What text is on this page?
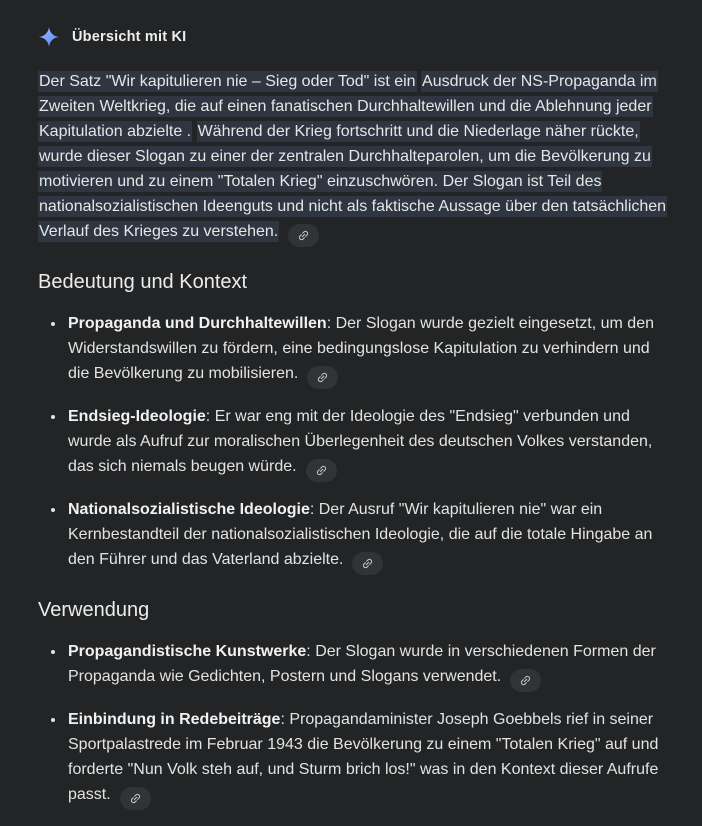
Übersicht mit KI
Der Satz "Wir kapitulieren nie – Sieg oder Tod" ist ein Ausdruck der NS-Propaganda im Zweiten Weltkrieg, die auf einen fanatischen Durchhaltewillen und die Ablehnung jeder Kapitulation abzielte . Während der Krieg fortschritt und die Niederlage näher rückte, wurde dieser Slogan zu einer der zentralen Durchhalteparolen, um die Bevölkerung zu motivieren und zu einem "Totalen Krieg" einzuschwören. Der Slogan ist Teil des nationalsozialistischen Ideenguts und nicht als faktische Aussage über den tatsächlichen Verlauf des Krieges zu verstehen.
Bedeutung und Kontext
Propaganda und Durchhaltewillen: Der Slogan wurde gezielt eingesetzt, um den Widerstandswillen zu fördern, eine bedingungslose Kapitulation zu verhindern und die Bevölkerung zu mobilisieren.
Endsieg-Ideologie: Er war eng mit der Ideologie des "Endsieg" verbunden und wurde als Aufruf zur moralischen Überlegenheit des deutschen Volkes verstanden, das sich niemals beugen würde.
Nationalsozialistische Ideologie: Der Ausruf "Wir kapitulieren nie" war ein Kernbestandteil der nationalsozialistischen Ideologie, die auf die totale Hingabe an den Führer und das Vaterland abzielte.
Verwendung
Propagandistische Kunstwerke: Der Slogan wurde in verschiedenen Formen der Propaganda wie Gedichten, Postern und Slogans verwendet.
Einbindung in Redebeiträge: Propagandaminister Joseph Goebbels rief in seiner Sportpalastrede im Februar 1943 die Bevölkerung zu einem "Totalen Krieg" auf und forderte "Nun Volk steh auf, und Sturm brich los!" was in den Kontext dieser Aufrufe passt.
